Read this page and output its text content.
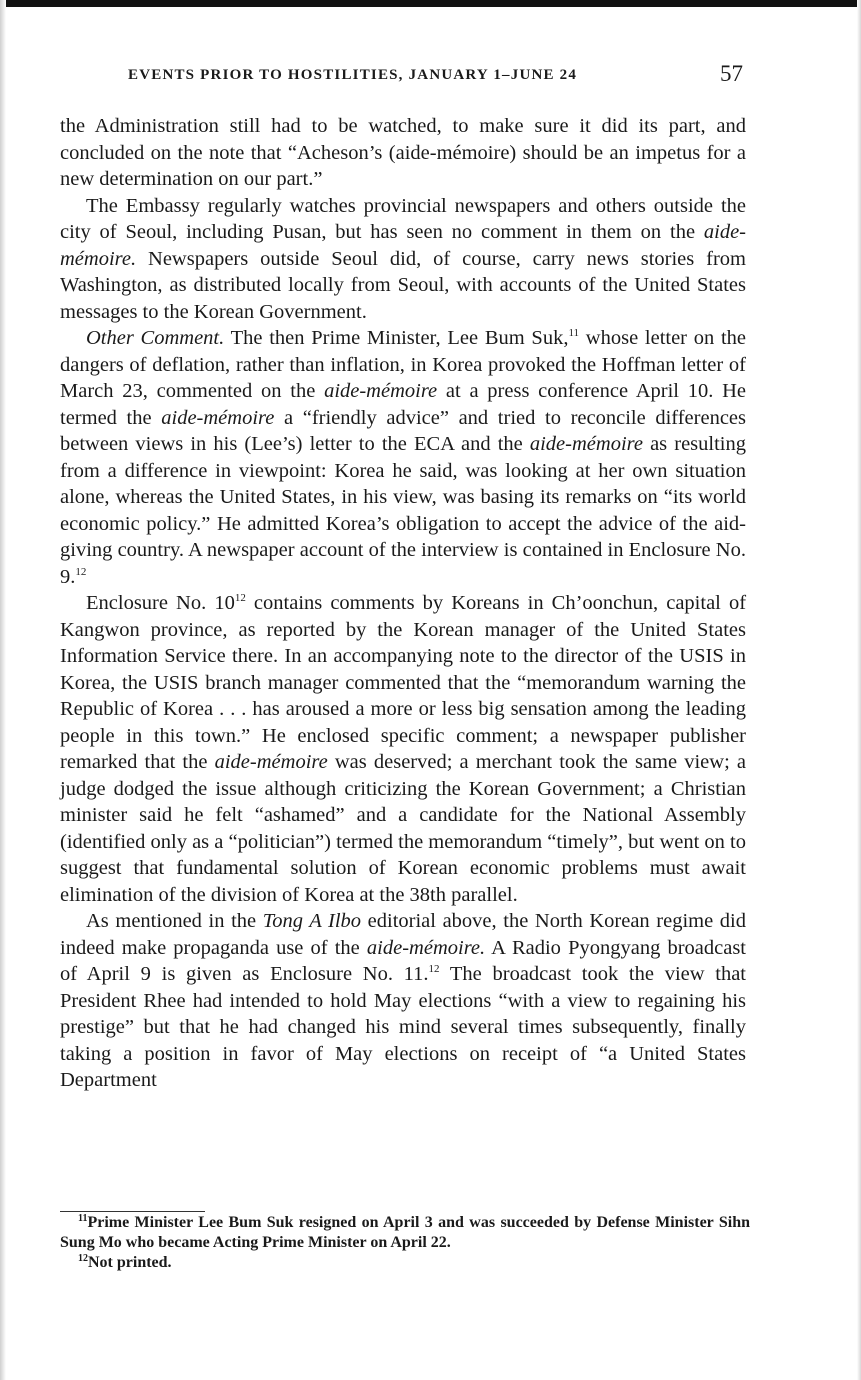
EVENTS PRIOR TO HOSTILITIES, JANUARY 1–JUNE 24	57

the Administration still had to be watched, to make sure it did its part, and concluded on the note that “Acheson’s (aide-mémoire) should be an impetus for a new determination on our part.”

The Embassy regularly watches provincial newspapers and others outside the city of Seoul, including Pusan, but has seen no comment in them on the aide-mémoire. Newspapers outside Seoul did, of course, carry news stories from Washington, as distributed locally from Seoul, with accounts of the United States messages to the Korean Government.

Other Comment. The then Prime Minister, Lee Bum Suk,$^{11}$ whose letter on the dangers of deflation, rather than inflation, in Korea provoked the Hoffman letter of March 23, commented on the aide-mémoire at a press conference April 10. He termed the aide-mémoire a “friendly advice” and tried to reconcile differences between views in his (Lee’s) letter to the ECA and the aide-mémoire as resulting from a difference in viewpoint: Korea he said, was looking at her own situation alone, whereas the United States, in his view, was basing its remarks on “its world economic policy.” He admitted Korea’s obligation to accept the advice of the aid-giving country. A newspaper account of the interview is contained in Enclosure No. 9.12

Enclosure No. $10^{12}$ contains comments by Koreans in Ch’oonchun, capital of Kangwon province, as reported by the Korean manager of the United States Information Service there. In an accompanying note to the director of the USIS in Korea, the USIS branch manager commented that the “memorandum warning the Republic of Korea . . . has aroused a more or less big sensation among the leading people in this town.” He enclosed specific comment; a newspaper publisher remarked that the aide-mémoire was deserved; a merchant took the same view; a judge dodged the issue although criticizing the Korean Government; a Christian minister said he felt “ashamed” and a candidate for the National Assembly (identified only as a “politician”) termed the memorandum “timely”, but went on to suggest that fundamental solution of Korean economic problems must await elimination of the division of Korea at the 38th parallel.

As mentioned in the Tong A Ilbo editorial above, the North Korean regime did indeed make propaganda use of the aide-mémoire. A Radio Pyongyang broadcast of April 9 is given as Enclosure No. 11.12 The broadcast took the view that President Rhee had intended to hold May elections “with a view to regaining his prestige” but that he had changed his mind several times subsequently, finally taking a position in favor of May elections on receipt of “a United States Department

$^{11}$Prime Minister Lee Bum Suk resigned on April 3 and was succeeded by Defense Minister Sihn Sung Mo who became Acting Prime Minister on April 22.

$^{12}$Not printed.
